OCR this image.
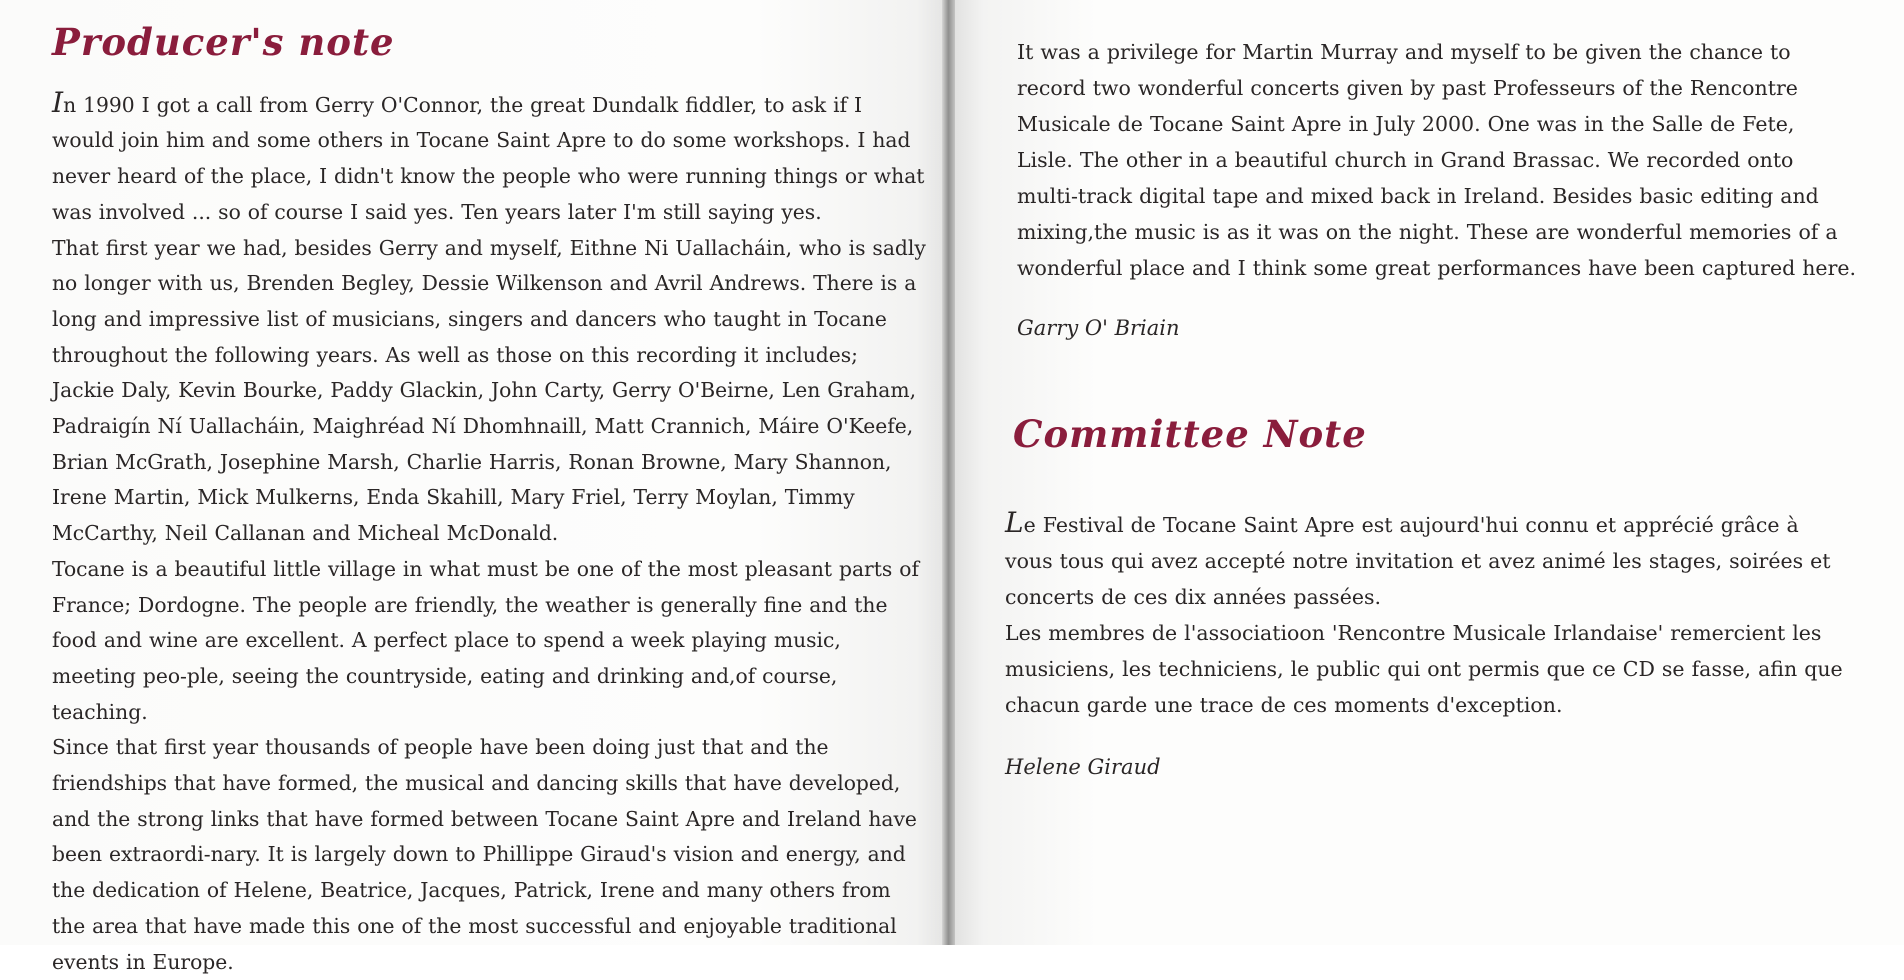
Producer's note

In 1990 I got a call from Gerry O'Connor, the great Dundalk fiddler, to ask if I would join him and some others in Tocane Saint Apre to do some workshops. I had never heard of the place, I didn't know the people who were running things or what was involved ... so of course I said yes. Ten years later I'm still saying yes.

That first year we had, besides Gerry and myself, Eithne Ni Uallacháin, who is sadly no longer with us, Brenden Begley, Dessie Wilkenson and Avril Andrews. There is a long and impressive list of musicians, singers and dancers who taught in Tocane throughout the following years. As well as those on this recording it includes; Jackie Daly, Kevin Bourke, Paddy Glackin, John Carty, Gerry O'Beirne, Len Graham, Padraigín Ní Uallacháin, Maighréad Ní Dhomhnaill, Matt Crannich, Máire O'Keefe, Brian McGrath, Josephine Marsh, Charlie Harris, Ronan Browne, Mary Shannon, Irene Martin, Mick Mulkerns, Enda Skahill, Mary Friel, Terry Moylan, Timmy McCarthy, Neil Callanan and Micheal McDonald.

Tocane is a beautiful little village in what must be one of the most pleasant parts of France; Dordogne. The people are friendly, the weather is generally fine and the food and wine are excellent. A perfect place to spend a week playing music, meeting peo-ple, seeing the countryside, eating and drinking and,of course, teaching.

Since that first year thousands of people have been doing just that and the friendships that have formed, the musical and dancing skills that have developed, and the strong links that have formed between Tocane Saint Apre and Ireland have been extraordi-nary. It is largely down to Phillippe Giraud's vision and energy, and the dedication of Helene, Beatrice, Jacques, Patrick, Irene and many others from the area that have made this one of the most successful and enjoyable traditional events in Europe.

It was a privilege for Martin Murray and myself to be given the chance to record two wonderful concerts given by past Professeurs of the Rencontre Musicale de Tocane Saint Apre in July 2000. One was in the Salle de Fete, Lisle. The other in a beautiful church in Grand Brassac. We recorded onto multi-track digital tape and mixed back in Ireland. Besides basic editing and mixing,the music is as it was on the night. These are wonderful memories of a wonderful place and I think some great performances have been captured here.

Garry O' Briain

Committee Note

Le Festival de Tocane Saint Apre est aujourd'hui connu et apprécié grâce à vous tous qui avez accepté notre invitation et avez animé les stages, soirées et concerts de ces dix années passées.

Les membres de l'associatioon 'Rencontre Musicale Irlandaise' remercient les musiciens, les techniciens, le public qui ont permis que ce CD se fasse, afin que chacun garde une trace de ces moments d'exception.

Helene Giraud
